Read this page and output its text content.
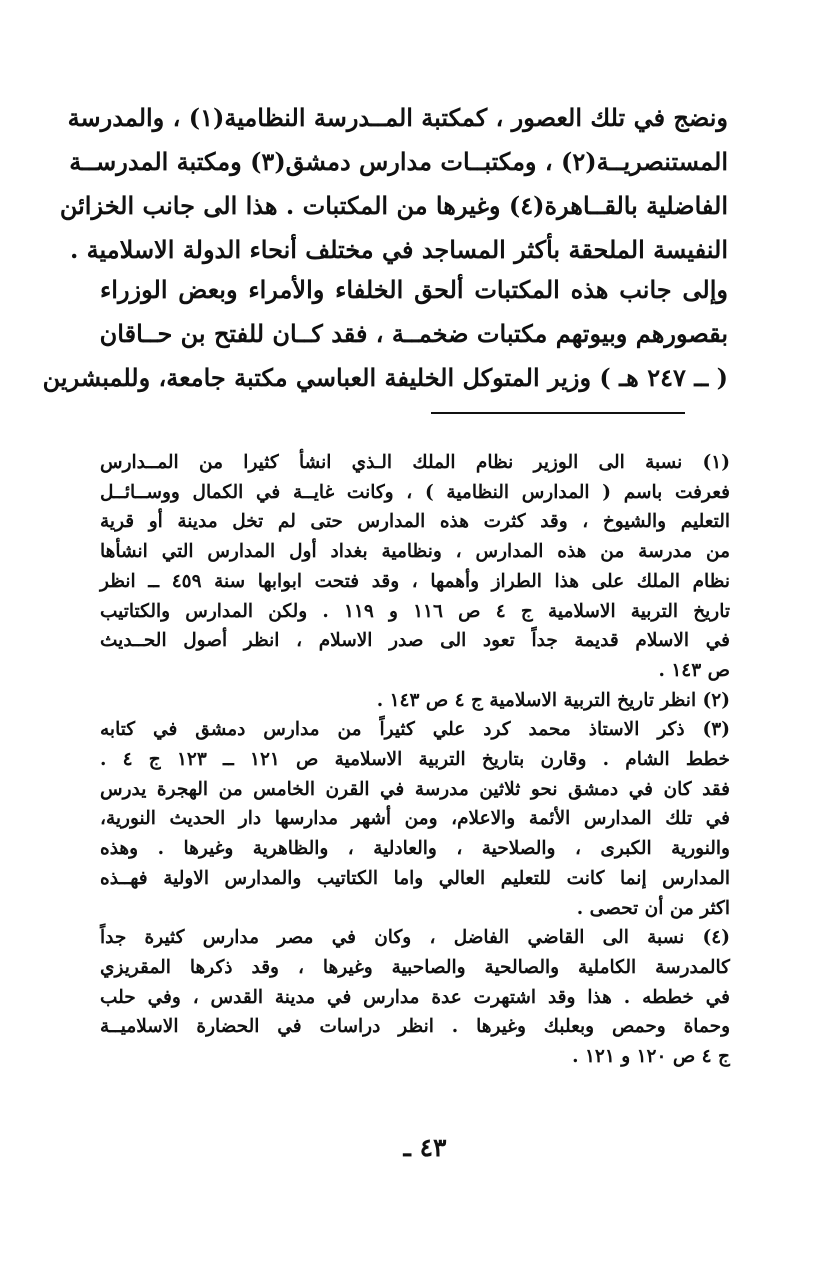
ونضج في تلك العصور ، كمكتبة المــدرسة النظامية(١) ، والمدرسة
المستنصريــة(٢) ، ومكتبــات مدارس دمشق(٣) ومكتبة المدرســة
الفاضلية بالقــاهرة(٤) وغيرها من المكتبات . هذا الى جانب الخزائن
النفيسة الملحقة بأكثر المساجد في مختلف أنحاء الدولة الاسلامية .
وإلى جانب هذه المكتبات ألحق الخلفاء والأمراء وبعض الوزراء
بقصورهم وبيوتهم مكتبات ضخمــة ، فقد كــان للفتح بن حــاقان
( ــ ٢٤٧ هـ ) وزير المتوكل الخليفة العباسي مكتبة جامعة، وللمبشرين
(١) نسبة الى الوزير نظام الملك الـذي انشأ كثيرا من المــدارس
فعرفت باسم ( المدارس النظامية ) ، وكانت غايــة في الكمال ووســائــل
التعليم والشيوخ ، وقد كثرت هذه المدارس حتى لم تخل مدينة أو قرية
من مدرسة من هذه المدارس ، ونظامية بغداد أول المدارس التي انشأها
نظام الملك على هذا الطراز وأهمها ، وقد فتحت ابوابها سنة ٤٥٩ ــ انظر
تاريخ التربية الاسلامية ج ٤ ص ١١٦ و ١١٩ . ولكن المدارس والكتاتيب
في الاسلام قديمة جداً تعود الى صدر الاسلام ، انظر أصول الحــديث
ص ١٤٣ .
(٢) انظر تاريخ التربية الاسلامية ج ٤ ص ١٤٣ .
(٣) ذكر الاستاذ محمد كرد علي كثيراً من مدارس دمشق في كتابه
خطط الشام . وقارن بتاريخ التربية الاسلامية ص ١٢١ ــ ١٢٣ ج ٤ .
فقد كان في دمشق نحو ثلاثين مدرسة في القرن الخامس من الهجرة يدرس
في تلك المدارس الأئمة والاعلام، ومن أشهر مدارسها دار الحديث النورية،
والنورية الكبرى ، والصلاحية ، والعادلية ، والظاهرية وغيرها . وهذه
المدارس إنما كانت للتعليم العالي واما الكتاتيب والمدارس الاولية فهــذه
اكثر من أن تحصى .
(٤) نسبة الى القاضي الفاضل ، وكان في مصر مدارس كثيرة جداً
كالمدرسة الكاملية والصالحية والصاحبية وغيرها ، وقد ذكرها المقريزي
في خططه . هذا وقد اشتهرت عدة مدارس في مدينة القدس ، وفي حلب
وحماة وحمص وبعلبك وغيرها . انظر دراسات في الحضارة الاسلاميــة
ج ٤ ص ١٢٠ و ١٢١ .
٤٣ ـ
